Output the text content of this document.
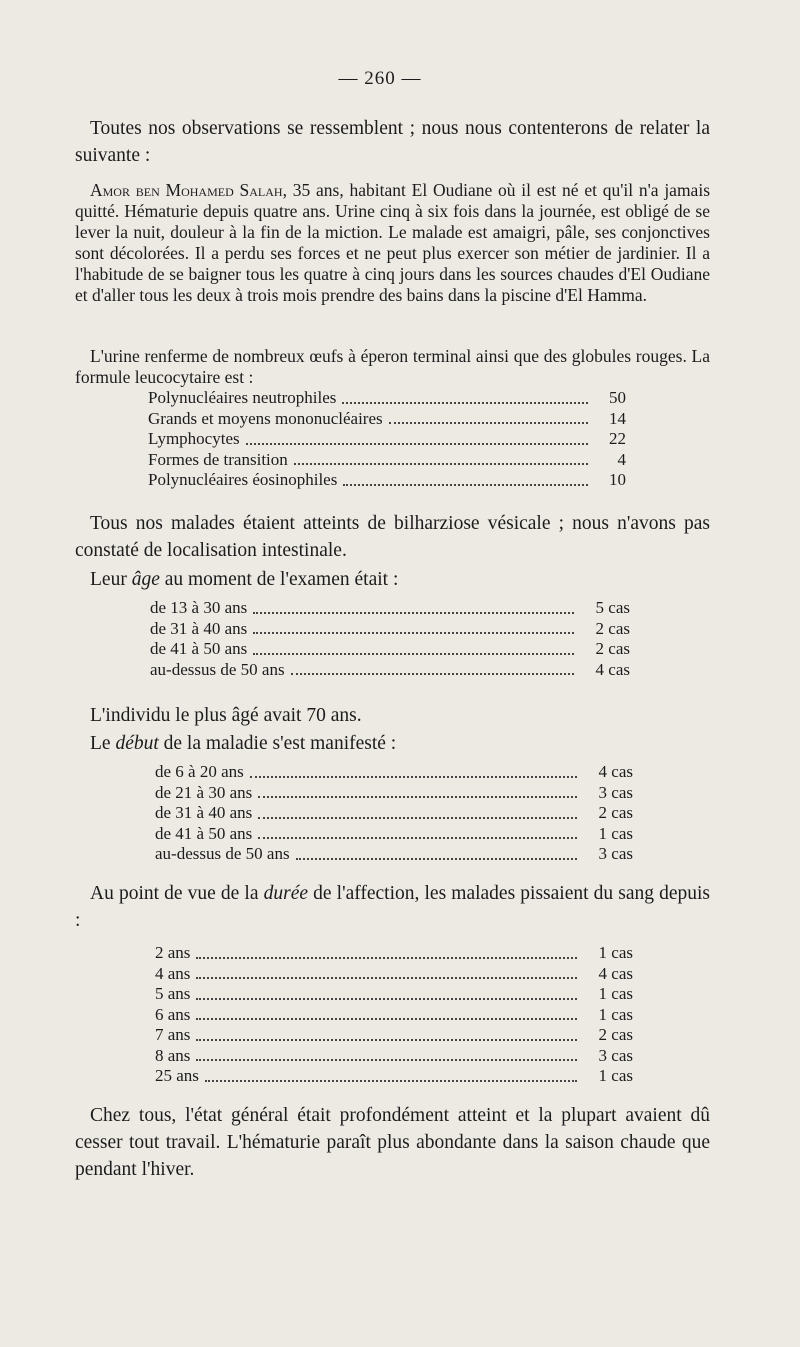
— 260 —

Toutes nos observations se ressemblent ; nous nous contenterons de relater la suivante :

Amor ben Mohamed Salah, 35 ans, habitant El Oudiane où il est né et qu'il n'a jamais quitté. Hématurie depuis quatre ans. Urine cinq à six fois dans la journée, est obligé de se lever la nuit, douleur à la fin de la miction. Le malade est amaigri, pâle, ses conjonctives sont décolorées. Il a perdu ses forces et ne peut plus exercer son métier de jardinier. Il a l'habitude de se baigner tous les quatre à cinq jours dans les sources chaudes d'El Oudiane et d'aller tous les deux à trois mois prendre des bains dans la piscine d'El Hamma.

L'urine renferme de nombreux œufs à éperon terminal ainsi que des globules rouges. La formule leucocytaire est :

Polynucléaires neutrophiles	50
Grands et moyens mononucléaires	14
Lymphocytes	22
Formes de transition	4
Polynucléaires éosinophiles	10

Tous nos malades étaient atteints de bilharziose vésicale ; nous n'avons pas constaté de localisation intestinale.

Leur âge au moment de l'examen était :

de 13 à 30 ans	5 cas
de 31 à 40 ans	2 cas
de 41 à 50 ans	2 cas
au-dessus de 50 ans	4 cas

L'individu le plus âgé avait 70 ans.

Le début de la maladie s'est manifesté :

de 6 à 20 ans	4 cas
de 21 à 30 ans	3 cas
de 31 à 40 ans	2 cas
de 41 à 50 ans	1 cas
au-dessus de 50 ans	3 cas

Au point de vue de la durée de l'affection, les malades pissaient du sang depuis :

2 ans	1 cas
4 ans	4 cas
5 ans	1 cas
6 ans	1 cas
7 ans	2 cas
8 ans	3 cas
25 ans	1 cas

Chez tous, l'état général était profondément atteint et la plupart avaient dû cesser tout travail. L'hématurie paraît plus abondante dans la saison chaude que pendant l'hiver.
